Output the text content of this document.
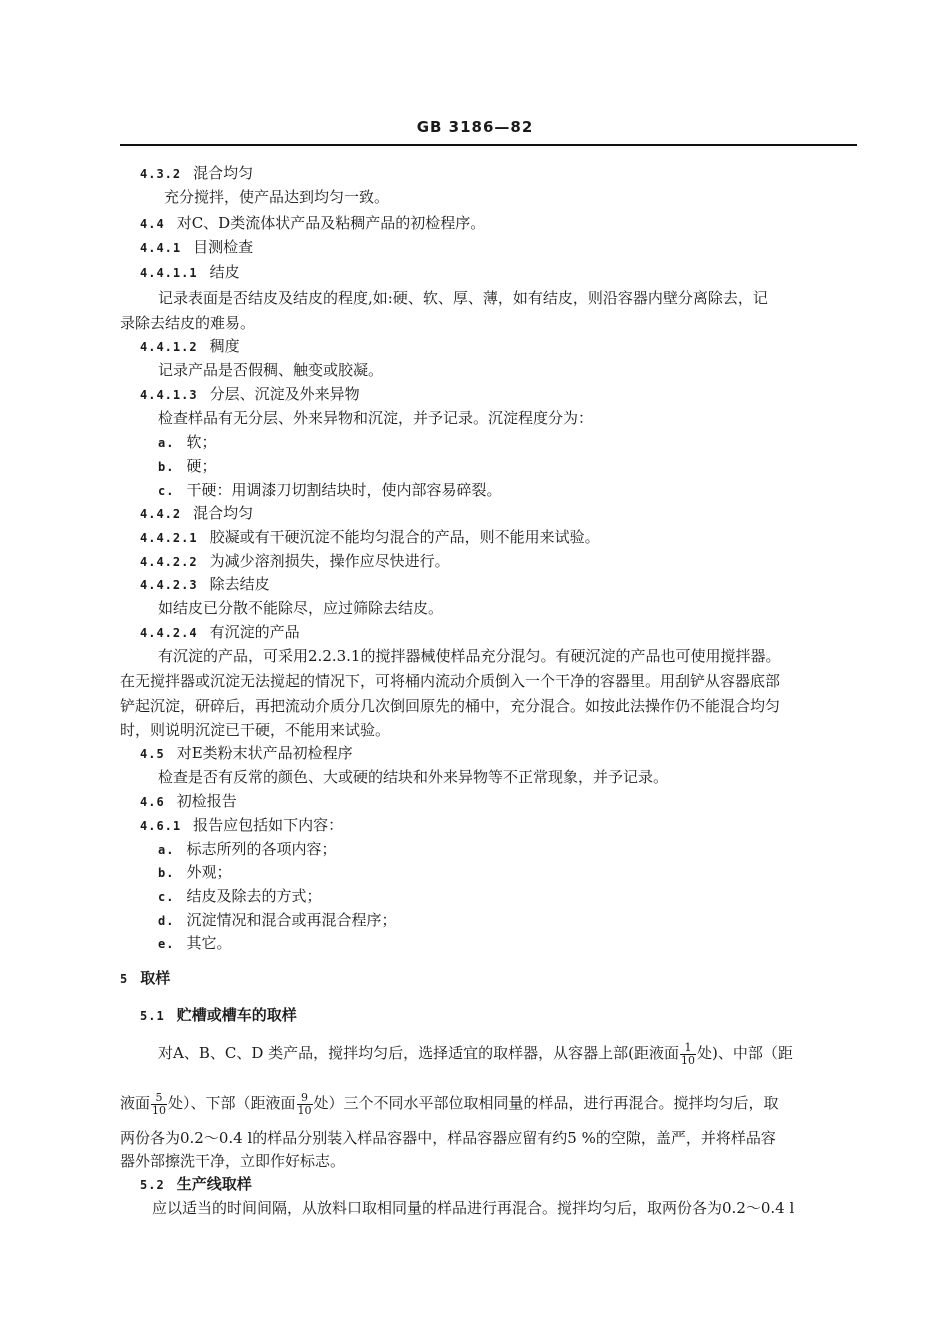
GB 3186—82
4.3.2 混合均匀
充分搅拌，使产品达到均匀一致。
4.4 对C、D类流体状产品及粘稠产品的初检程序。
4.4.1 目测检查
4.4.1.1 结皮
记录表面是否结皮及结皮的程度,如:硬、软、厚、薄，如有结皮，则沿容器内壁分离除去，记
录除去结皮的难易。
4.4.1.2 稠度
记录产品是否假稠、触变或胶凝。
4.4.1.3 分层、沉淀及外来异物
检查样品有无分层、外来异物和沉淀，并予记录。沉淀程度分为：
a. 软；
b. 硬；
c. 干硬：用调漆刀切割结块时，使内部容易碎裂。
4.4.2 混合均匀
4.4.2.1 胶凝或有干硬沉淀不能均匀混合的产品，则不能用来试验。
4.4.2.2 为减少溶剂损失，操作应尽快进行。
4.4.2.3 除去结皮
如结皮已分散不能除尽，应过筛除去结皮。
4.4.2.4 有沉淀的产品
有沉淀的产品，可采用2.2.3.1的搅拌器械使样品充分混匀。有硬沉淀的产品也可使用搅拌器。
在无搅拌器或沉淀无法搅起的情况下，可将桶内流动介质倒入一个干净的容器里。用刮铲从容器底部
铲起沉淀，研碎后，再把流动介质分几次倒回原先的桶中，充分混合。如按此法操作仍不能混合均匀
时，则说明沉淀已干硬，不能用来试验。
4.5 对E类粉末状产品初检程序
检查是否有反常的颜色、大或硬的结块和外来异物等不正常现象，并予记录。
4.6 初检报告
4.6.1 报告应包括如下内容：
a. 标志所列的各项内容；
b. 外观；
c. 结皮及除去的方式；
d. 沉淀情况和混合或再混合程序；
e. 其它。
5 取样
5.1 贮槽或槽车的取样
对A、B、C、D 类产品，搅拌均匀后，选择适宜的取样器，从容器上部(距液面 $\frac{1}{10}$ 处)、中部（距
液面 $\frac{5}{10}$ 处）、下部（距液面 $\frac{9}{10}$ 处）三个不同水平部位取相同量的样品，进行再混合。搅拌均匀后，取
两份各为0.2～0.4 l的样品分别装入样品容器中，样品容器应留有约5 %的空隙，盖严，并将样品容
器外部擦洗干净，立即作好标志。
5.2 生产线取样
应以适当的时间间隔，从放料口取相同量的样品进行再混合。搅拌均匀后，取两份各为0.2～0.4 l
